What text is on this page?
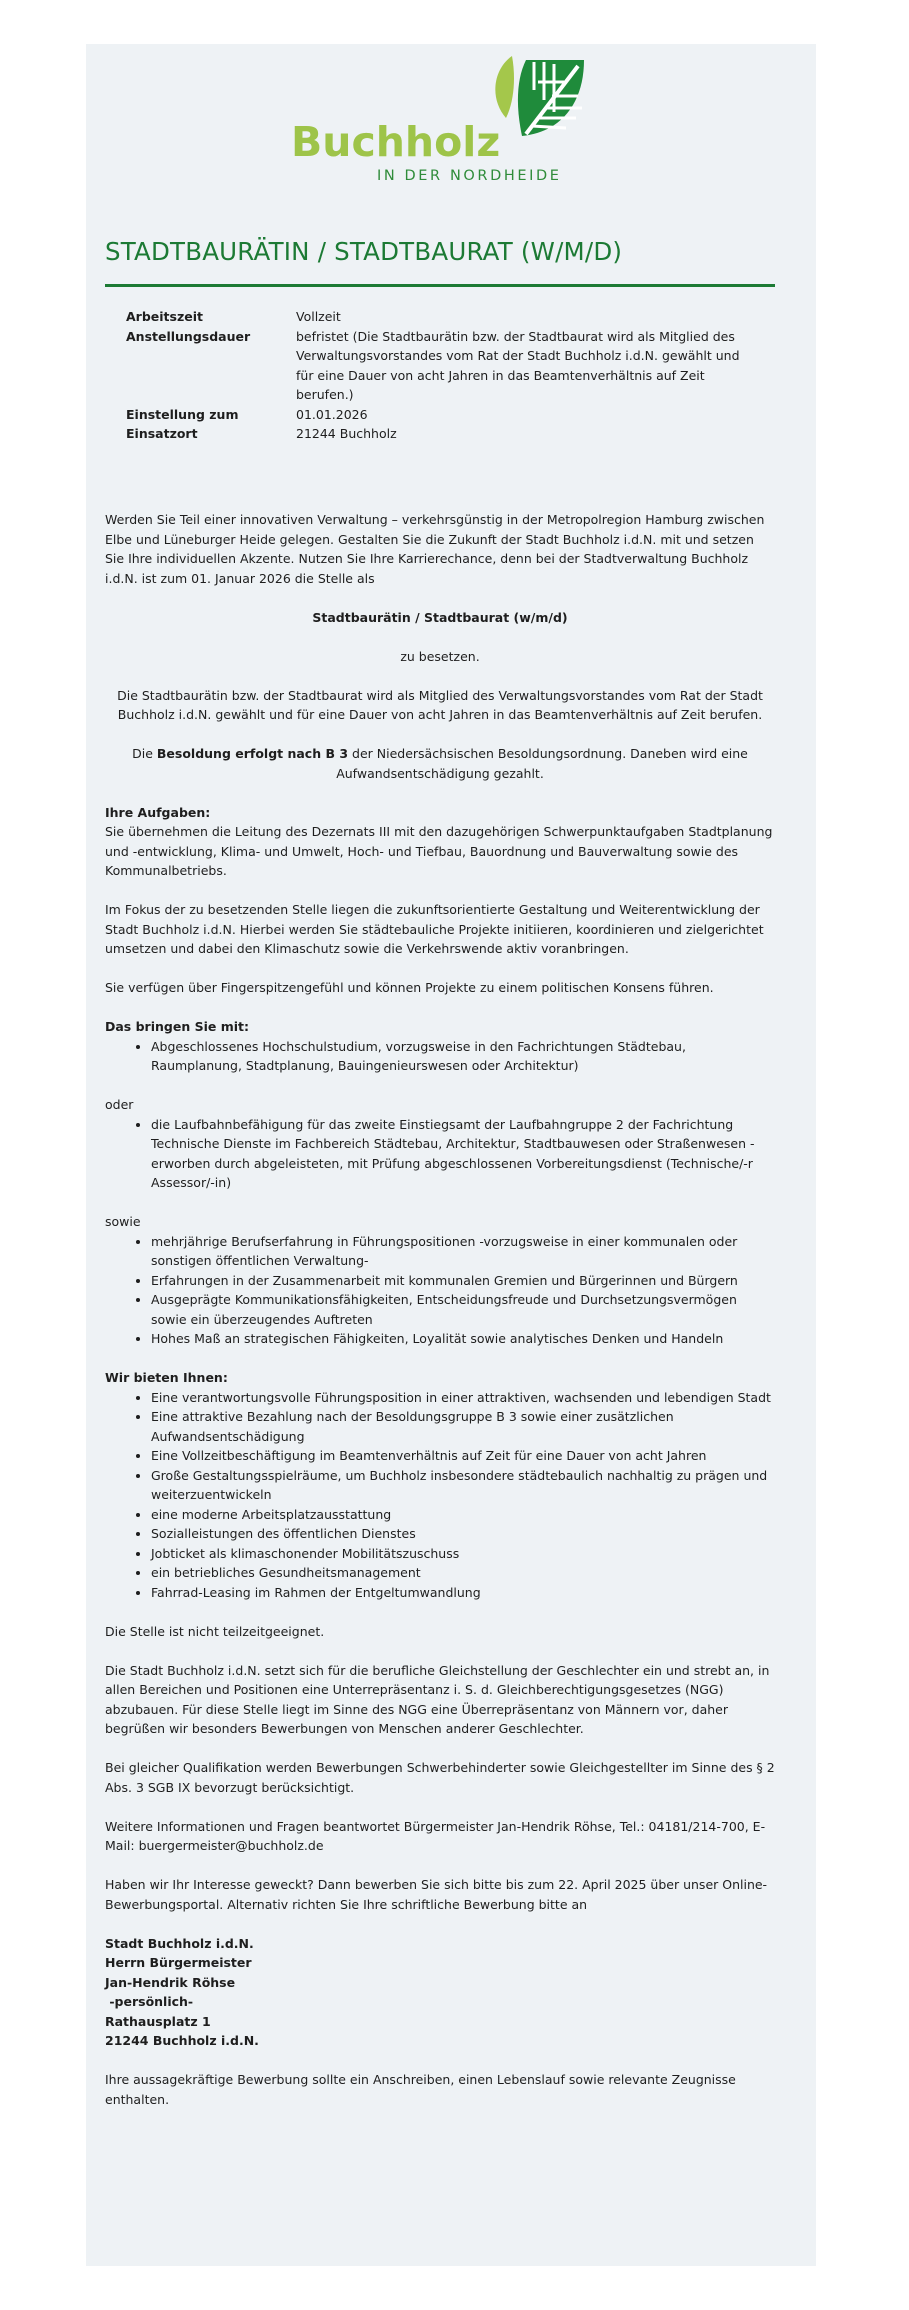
Buchholz
IN DER NORDHEIDE
STADTBAURÄTIN / STADTBAURAT (W/M/D)
Arbeitszeit	Vollzeit
Anstellungsdauer	befristet (Die Stadtbaurätin bzw. der Stadtbaurat wird als Mitglied des Verwaltungsvorstandes vom Rat der Stadt Buchholz i.d.N. gewählt und für eine Dauer von acht Jahren in das Beamtenverhältnis auf Zeit berufen.)
Einstellung zum	01.01.2026
Einsatzort	21244 Buchholz

Werden Sie Teil einer innovativen Verwaltung – verkehrsgünstig in der Metropolregion Hamburg zwischen Elbe und Lüneburger Heide gelegen. Gestalten Sie die Zukunft der Stadt Buchholz i.d.N. mit und setzen Sie Ihre individuellen Akzente. Nutzen Sie Ihre Karrierechance, denn bei der Stadtverwaltung Buchholz i.d.N. ist zum 01. Januar 2026 die Stelle als

Stadtbaurätin / Stadtbaurat (w/m/d)

zu besetzen.

Die Stadtbaurätin bzw. der Stadtbaurat wird als Mitglied des Verwaltungsvorstandes vom Rat der Stadt Buchholz i.d.N. gewählt und für eine Dauer von acht Jahren in das Beamtenverhältnis auf Zeit berufen.

Die Besoldung erfolgt nach B 3 der Niedersächsischen Besoldungsordnung. Daneben wird eine Aufwandsentschädigung gezahlt.

Ihre Aufgaben:

Sie übernehmen die Leitung des Dezernats III mit den dazugehörigen Schwerpunktaufgaben Stadtplanung und -entwicklung, Klima- und Umwelt, Hoch- und Tiefbau, Bauordnung und Bauverwaltung sowie des Kommunalbetriebs.

Im Fokus der zu besetzenden Stelle liegen die zukunftsorientierte Gestaltung und Weiterentwicklung der Stadt Buchholz i.d.N. Hierbei werden Sie städtebauliche Projekte initiieren, koordinieren und zielgerichtet umsetzen und dabei den Klimaschutz sowie die Verkehrswende aktiv voranbringen.

Sie verfügen über Fingerspitzengefühl und können Projekte zu einem politischen Konsens führen.

Das bringen Sie mit:
• Abgeschlossenes Hochschulstudium, vorzugsweise in den Fachrichtungen Städtebau, Raumplanung, Stadtplanung, Bauingenieurswesen oder Architektur)
oder
• die Laufbahnbefähigung für das zweite Einstiegsamt der Laufbahngruppe 2 der Fachrichtung Technische Dienste im Fachbereich Städtebau, Architektur, Stadtbauwesen oder Straßenwesen - erworben durch abgeleisteten, mit Prüfung abgeschlossenen Vorbereitungsdienst (Technische/-r Assessor/-in)
sowie
• mehrjährige Berufserfahrung in Führungspositionen -vorzugsweise in einer kommunalen oder sonstigen öffentlichen Verwaltung-
• Erfahrungen in der Zusammenarbeit mit kommunalen Gremien und Bürgerinnen und Bürgern
• Ausgeprägte Kommunikationsfähigkeiten, Entscheidungsfreude und Durchsetzungsvermögen sowie ein überzeugendes Auftreten
• Hohes Maß an strategischen Fähigkeiten, Loyalität sowie analytisches Denken und Handeln
Wir bieten Ihnen:
• Eine verantwortungsvolle Führungsposition in einer attraktiven, wachsenden und lebendigen Stadt
• Eine attraktive Bezahlung nach der Besoldungsgruppe B 3 sowie einer zusätzlichen Aufwandsentschädigung
• Eine Vollzeitbeschäftigung im Beamtenverhältnis auf Zeit für eine Dauer von acht Jahren
• Große Gestaltungsspielräume, um Buchholz insbesondere städtebaulich nachhaltig zu prägen und weiterzuentwickeln
• eine moderne Arbeitsplatzausstattung
• Sozialleistungen des öffentlichen Dienstes
• Jobticket als klimaschonender Mobilitätszuschuss
• ein betriebliches Gesundheitsmanagement
• Fahrrad-Leasing im Rahmen der Entgeltumwandlung

Die Stelle ist nicht teilzeitgeeignet.

Die Stadt Buchholz i.d.N. setzt sich für die berufliche Gleichstellung der Geschlechter ein und strebt an, in allen Bereichen und Positionen eine Unterrepräsentanz i. S. d. Gleichberechtigungsgesetzes (NGG) abzubauen. Für diese Stelle liegt im Sinne des NGG eine Überrepräsentanz von Männern vor, daher begrüßen wir besonders Bewerbungen von Menschen anderer Geschlechter.

Bei gleicher Qualifikation werden Bewerbungen Schwerbehinderter sowie Gleichgestellter im Sinne des § 2 Abs. 3 SGB IX bevorzugt berücksichtigt.

Weitere Informationen und Fragen beantwortet Bürgermeister Jan-Hendrik Röhse, Tel.: 04181/214-700, E-Mail: buergermeister@buchholz.de

Haben wir Ihr Interesse geweckt? Dann bewerben Sie sich bitte bis zum 22. April 2025 über unser Online-Bewerbungsportal. Alternativ richten Sie Ihre schriftliche Bewerbung bitte an

Stadt Buchholz i.d.N.
Herrn Bürgermeister
Jan-Hendrik Röhse
-persönlich-
Rathausplatz 1
21244 Buchholz i.d.N.

Ihre aussagekräftige Bewerbung sollte ein Anschreiben, einen Lebenslauf sowie relevante Zeugnisse enthalten.
